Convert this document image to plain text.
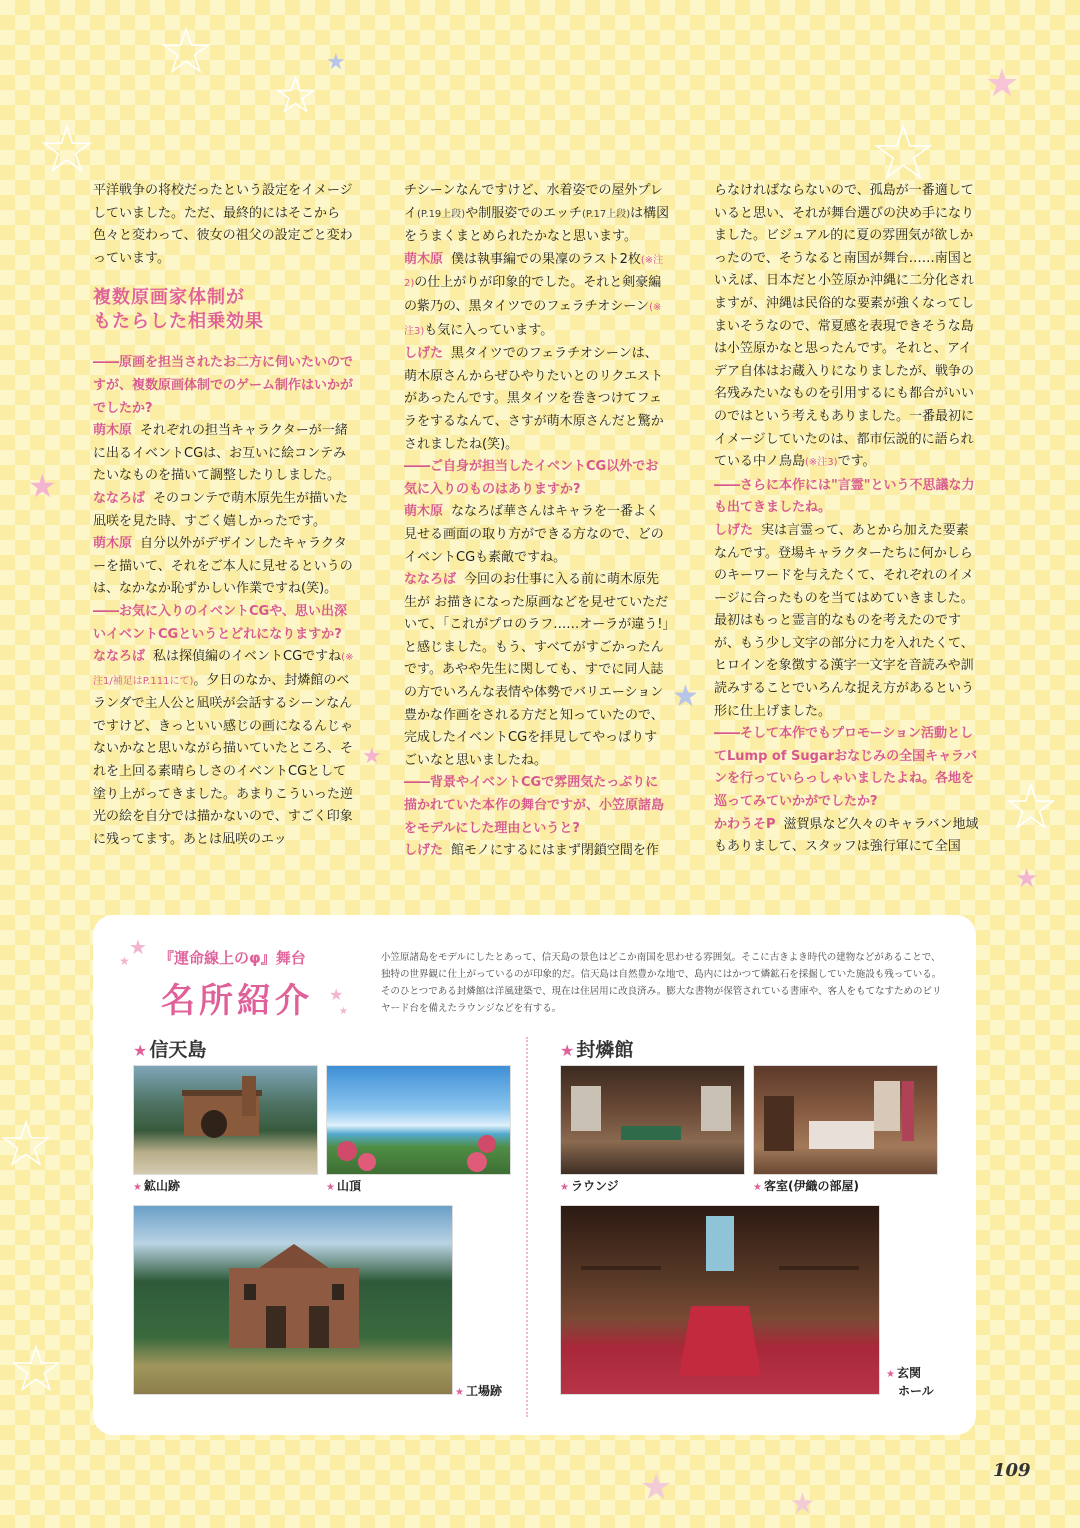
★
★
★	★
★	★
★
★
★
★
★
★
★
★	★

平洋戦争の将校だったという設定をイメージしていました。ただ、最終的にはそこから色々と変わって、彼女の祖父の設定ごと変わっています。

複数原画家体制が
もたらした相乗効果

――原画を担当されたお二方に伺いたいのですが、複数原画体制でのゲーム制作はいかがでしたか?

萌木原 それぞれの担当キャラクターが一緒に出るイベントCGは、お互いに絵コンテみたいなものを描いて調整したりしました。

ななろば そのコンテで萌木原先生が描いた凪咲を見た時、すごく嬉しかったです。

萌木原 自分以外がデザインしたキャラクターを描いて、それをご本人に見せるというのは、なかなか恥ずかしい作業ですね(笑)。

――お気に入りのイベントCGや、思い出深いイベントCGというとどれになりますか?

ななろば 私は探偵編のイベントCGですね(※注1/補足はP.111にて)。夕日のなか、封燐館のベランダで主人公と凪咲が会話するシーンなんですけど、きっといい感じの画になるんじゃないかなと思いながら描いていたところ、それを上回る素晴らしさのイベントCGとして塗り上がってきました。あまりこういった逆光の絵を自分では描かないので、すごく印象に残ってます。あとは凪咲のエッ

チシーンなんですけど、水着姿での屋外プレイ(P.19上段)や制服姿でのエッチ(P.17上段)は構図をうまくまとめられたかなと思います。

萌木原 僕は執事編での果凜のラスト2枚(※注2)の仕上がりが印象的でした。それと剣豪編の紫乃の、黒タイツでのフェラチオシーン(※注3)も気に入っています。

しげた 黒タイツでのフェラチオシーンは、萌木原さんからぜひやりたいとのリクエストがあったんです。黒タイツを巻きつけてフェラをするなんて、さすが萌木原さんだと驚かされましたね(笑)。

――ご自身が担当したイベントCG以外でお気に入りのものはありますか?

萌木原 ななろば華さんはキャラを一番よく見せる画面の取り方ができる方なので、どのイベントCGも素敵ですね。

ななろば 今回のお仕事に入る前に萌木原先生が お描きになった原画などを見せていただいて、「これがプロのラフ……オーラが違う!」と感じました。もう、すべてがすごかったんです。あやや先生に関しても、すでに同人誌の方でいろんな表情や体勢でバリエーション豊かな作画をされる方だと知っていたので、完成したイベントCGを拝見してやっぱりすごいなと思いましたね。

――背景やイベントCGで雰囲気たっぷりに描かれていた本作の舞台ですが、小笠原諸島をモデルにした理由というと?

しげた 館モノにするにはまず閉鎖空間を作

らなければならないので、孤島が一番適していると思い、それが舞台選びの決め手になりました。ビジュアル的に夏の雰囲気が欲しかったので、そうなると南国が舞台……南国といえば、日本だと小笠原か沖縄に二分化されますが、沖縄は民俗的な要素が強くなってしまいそうなので、常夏感を表現できそうな島は小笠原かなと思ったんです。それと、アイデア自体はお蔵入りになりましたが、戦争の名残みたいなものを引用するにも都合がいいのではという考えもありました。一番最初にイメージしていたのは、都市伝説的に語られている中ノ鳥島(※注3)です。

――さらに本作には"言霊"という不思議な力も出てきましたね。

しげた 実は言霊って、あとから加えた要素なんです。登場キャラクターたちに何かしらのキーワードを与えたくて、それぞれのイメージに合ったものを当てはめていきました。最初はもっと霊言的なものを考えたのですが、もう少し文字の部分に力を入れたくて、ヒロインを象徴する漢字一文字を音読みや訓読みすることでいろんな捉え方があるという形に仕上げました。

――そして本作でもプロモーション活動としてLump of Sugarおなじみの全国キャラバンを行っていらっしゃいましたよね。各地を巡ってみていかがでしたか?

かわうそP 滋賀県など久々のキャラバン地域もありまして、スタッフは強行軍にて全国

★
★ 『運命線上のφ』舞台
名所紹介 ★
★
小笠原諸島をモデルにしたとあって、信天島の景色はどこか南国を思わせる雰囲気。そこに古きよき時代の建物などがあることで、独特の世界観に仕上がっているのが印象的だ。信天島は自然豊かな地で、島内にはかつて燐鉱石を採掘していた施設も残っている。そのひとつである封燐館は洋風建築で、現在は住居用に改良済み。膨大な書物が保管されている書庫や、客人をもてなすためのビリヤード台を備えたラウンジなどを有する。
★ 信天島	★ 封燐館
★ 鉱山跡	★ 山頂
★ 工場跡
★ ラウンジ	★ 客室(伊織の部屋)
★ 玄関
ホール
109
